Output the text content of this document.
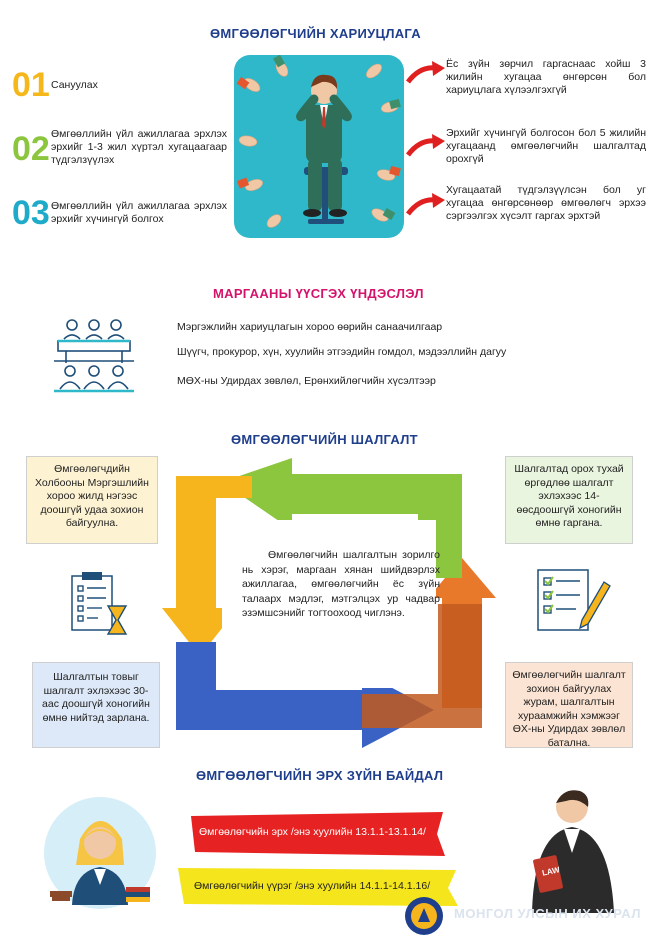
ӨМГӨӨЛӨГЧИЙН ХАРИУЦЛАГА
01 Сануулах
02 Өмгөөллийн үйл ажиллагаа эрхлэх эрхийг 1-3 жил хүртэл хугацаагаар түдгэлзүүлэх
03 Өмгөөллийн үйл ажиллагаа эрхлэх эрхийг хүчингүй болгох
Ёс зүйн зөрчил гаргаснаас хойш 3 жилийн хугацаа өнгөрсөн бол хариуцлага хүлээлгэхгүй
Эрхийг хүчингүй болгосон бол 5 жилийн хугацаанд өмгөөлөгчийн шалгалтад орохгүй
Хугацаатай түдгэлзүүлсэн бол уг хугацаа өнгөрсөнөөр өмгөөлөгч эрхээ сэргээлгэх хүсэлт гаргах эрхтэй
МАРГААНЫ ҮҮСГЭХ ҮНДЭСЛЭЛ
Мэргэжлийн хариуцлагын хороо өөрийн санаачилгаар
Шүүгч, прокурор, хүн, хуулийн этгээдийн гомдол, мэдээллийн дагуу
МӨХ-ны Удирдах зөвлөл, Ерөнхийлөгчийн хүсэлтээр
ӨМГӨӨЛӨГЧИЙН ШАЛГАЛТ
Өмгөөлөгчийн шалгалтын зорилго нь хэрэг, маргаан хянан шийдвэрлэх ажиллагаа, өмгөөлөгчийн ёс зүйн талаарх мэдлэг, мэтгэлцэх ур чадвар эзэмшсэнийг тогтоохоод чиглэнэ.
Өмгөөлөгчдийн Холбооны Мэргэшлийн хороо жилд нэгээс доошгүй удаа зохион байгуулна.
Шалгалтад орох тухай өргөдлөө шалгалт эхлэхээс 14-өөсдоошгүй хоногийн өмнө гаргана.
Шалгалтын товыг шалгалт эхлэхээс 30-аас доошгүй хоногийн өмнө нийтэд зарлана.
Өмгөөлөгчийн шалгалт зохион байгуулах журам, шалгалтын хураамжийн хэмжээг ӨХ-ны Удирдах зөвлөл батална.
ӨМГӨӨЛӨГЧИЙН ЭРХ ЗҮЙН БАЙДАЛ
Өмгөөлөгчийн эрх /энэ хуулийн 13.1.1-13.1.14/
Өмгөөлөгчийн үүрэг /энэ хуулийн 14.1.1-14.1.16/
LAW
МОНГОЛ УЛСЫН ИХ ХУРАЛ
